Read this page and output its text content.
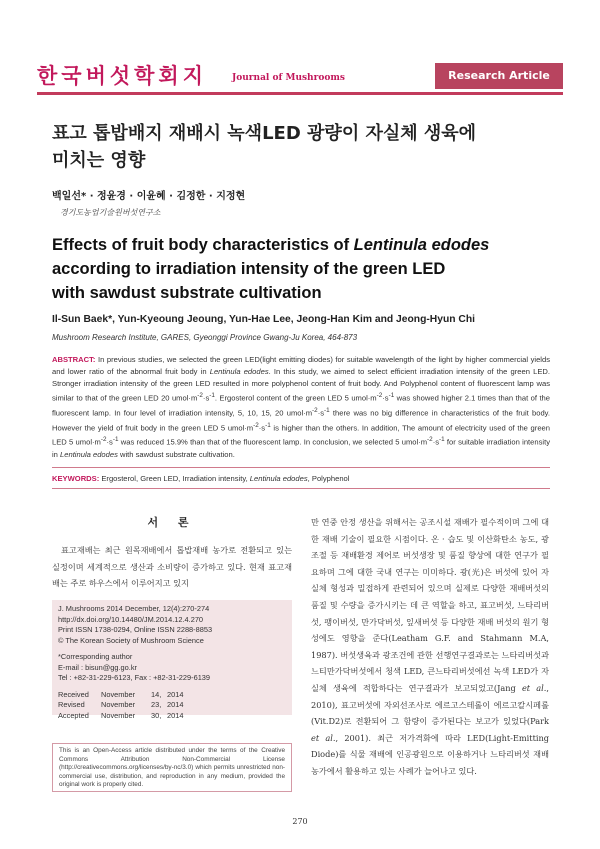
한국버섯학회지	Journal of Mushrooms	Research Article
표고 톱밥배지 재배시 녹색LED 광량이 자실체 생육에
미치는 영향
백일선* · 정윤경 · 이윤혜 · 김정한 · 지정현
경기도농업기술원버섯연구소
Effects of fruit body characteristics of Lentinula edodes
according to irradiation intensity of the green LED
with sawdust substrate cultivation
Il-Sun Baek*, Yun-Kyeoung Jeoung, Yun-Hae Lee, Jeong-Han Kim and Jeong-Hyun Chi
Mushroom Research Institute, GARES, Gyeonggi Province Gwang-Ju Korea, 464-873
ABSTRACT: In previous studies, we selected the green LED(light emitting diodes) for suitable wavelength of the light by higher commercial yields and lower ratio of the abnormal fruit body in Lentinula edodes. In this study, we aimed to select efficient irradiation intensity of the green LED. Stronger irradiation intensity of the green LED resulted in more polyphenol content of fruit body. And Polyphenol content of fluorescent lamp was similar to that of the green LED 20 $umol\cdot m^{-2}\cdot s^{-1}$. Ergosterol content of the green LED 5 $umol\cdot m^{-2}\cdot s^{-1}$ was showed higher 2.1 times than that of the fluorescent lamp. In four level of irradiation intensity, 5, 10, 15, 20 $umol\cdot m^{-2}\cdot s^{-1}$ there was no big difference in characteristics of the fruit body. However the yield of fruit body in the green LED 5 $umol\cdot m^{-2}\cdot s^{-1}$ is higher than the others. In addition, The amount of electricity used of the green LED 5 $umol\cdot m^{-2}\cdot s^{-1}$ was reduced 15.9% than that of the fluorescent lamp. In conclusion, we selected 5 $umol\cdot m^{-2}\cdot s^{-1}$ for suitable irradiation intensity in Lentinula edodes with sawdust substrate cultivation.
KEYWORDS: Ergosterol, Green LED, Irradiation intensity, Lentinula edodes, Polyphenol
서 론

표고재배는 최근 원목재배에서 톱밥재배 농가로 전환되고 있는 실정이며 세계적으로 생산과 소비량이 증가하고 있다. 현재 표고재배는 주로 하우스에서 이루어지고 있지

J. Mushrooms 2014 December, 12(4):270-274
http://dx.doi.org/10.14480/JM.2014.12.4.270
Print ISSN 1738-0294, Online ISSN 2288-8853
© The Korean Society of Mushroom Science
*Corresponding author
E-mail : bisun@gg.go.kr
Tel : +82-31-229-6123, Fax : +82-31-229-6139
Received November 14, 2014
Revised November 23, 2014
Accepted November 30, 2014
This is an Open-Access article distributed under the terms of the Creative Commons Attribution Non-Commercial License (http://creativecommons.org/licenses/by-nc/3.0) which permits unrestricted non-commercial use, distribution, and reproduction in any medium, provided the original work is properly cited.
만 연중 안정 생산을 위해서는 공조시설 재배가 필수적이며 그에 대한 재배 기술이 필요한 시점이다. 온 · 습도 및 이산화탄소 농도, 광조절 등 재배환경 제어로 버섯생장 및 품질 향상에 대한 연구가 필요하며 그에 대한 국내 연구는 미미하다. 광(光)은 버섯에 있어 자실체 형성과 밀접하게 관련되어 있으며 실제로 다양한 재배버섯의 품질 및 수량을 증가시키는 데 큰 역할을 하고, 표고버섯, 느타리버섯, 팽이버섯, 만가닥버섯, 잎새버섯 등 다양한 재배 버섯의 원기 형성에도 영향을 준다(Leatham G.F. and Stahmann M.A, 1987). 버섯생육과 광조건에 관한 선행연구결과로는 느타리버섯과 느티만가닥버섯에서 청색 LED, 큰느타리버섯에선 녹색 LED가 자실체 생육에 적합하다는 연구결과가 보고되었고(Jang et al., 2010), 표고버섯에 자외선조사로 에르고스테롤이 에르고칼시페롤(Vit.D2)로 전환되어 그 함량이 증가된다는 보고가 있었다(Park et al., 2001). 최근 저가격화에 따라 LED(Light-Emitting Diode)를 식물 재배에 인공광원으로 이용하거나 느타리버섯 재배농가에서 활용하고 있는 사례가 늘어나고 있다.
270
